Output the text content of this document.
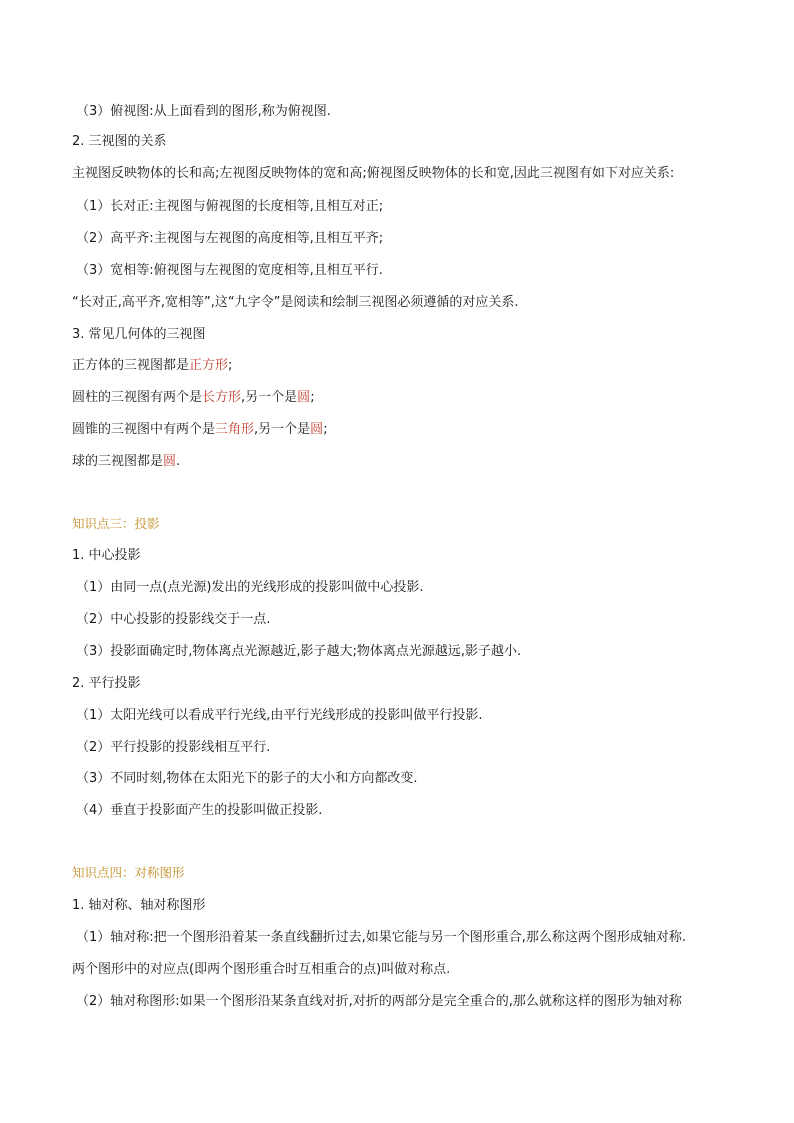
（3）俯视图:从上面看到的图形,称为俯视图.
2. 三视图的关系
主视图反映物体的长和高;左视图反映物体的宽和高;俯视图反映物体的长和宽,因此三视图有如下对应关系:
（1）长对正:主视图与俯视图的长度相等,且相互对正;
（2）高平齐:主视图与左视图的高度相等,且相互平齐;
（3）宽相等:俯视图与左视图的宽度相等,且相互平行.
“长对正,高平齐,宽相等”,这“九字令”是阅读和绘制三视图必须遵循的对应关系.
3. 常见几何体的三视图
正方体的三视图都是正方形;
圆柱的三视图有两个是长方形,另一个是圆;
圆锥的三视图中有两个是三角形,另一个是圆;
球的三视图都是圆.
知识点三：投影
1. 中心投影
（1）由同一点(点光源)发出的光线形成的投影叫做中心投影.
（2）中心投影的投影线交于一点.
（3）投影面确定时,物体离点光源越近,影子越大;物体离点光源越远,影子越小.
2. 平行投影
（1）太阳光线可以看成平行光线,由平行光线形成的投影叫做平行投影.
（2）平行投影的投影线相互平行.
（3）不同时刻,物体在太阳光下的影子的大小和方向都改变.
（4）垂直于投影面产生的投影叫做正投影.
知识点四：对称图形
1. 轴对称、轴对称图形
（1）轴对称:把一个图形沿着某一条直线翻折过去,如果它能与另一个图形重合,那么称这两个图形成轴对称.
两个图形中的对应点(即两个图形重合时互相重合的点)叫做对称点.
（2）轴对称图形:如果一个图形沿某条直线对折,对折的两部分是完全重合的,那么就称这样的图形为轴对称
